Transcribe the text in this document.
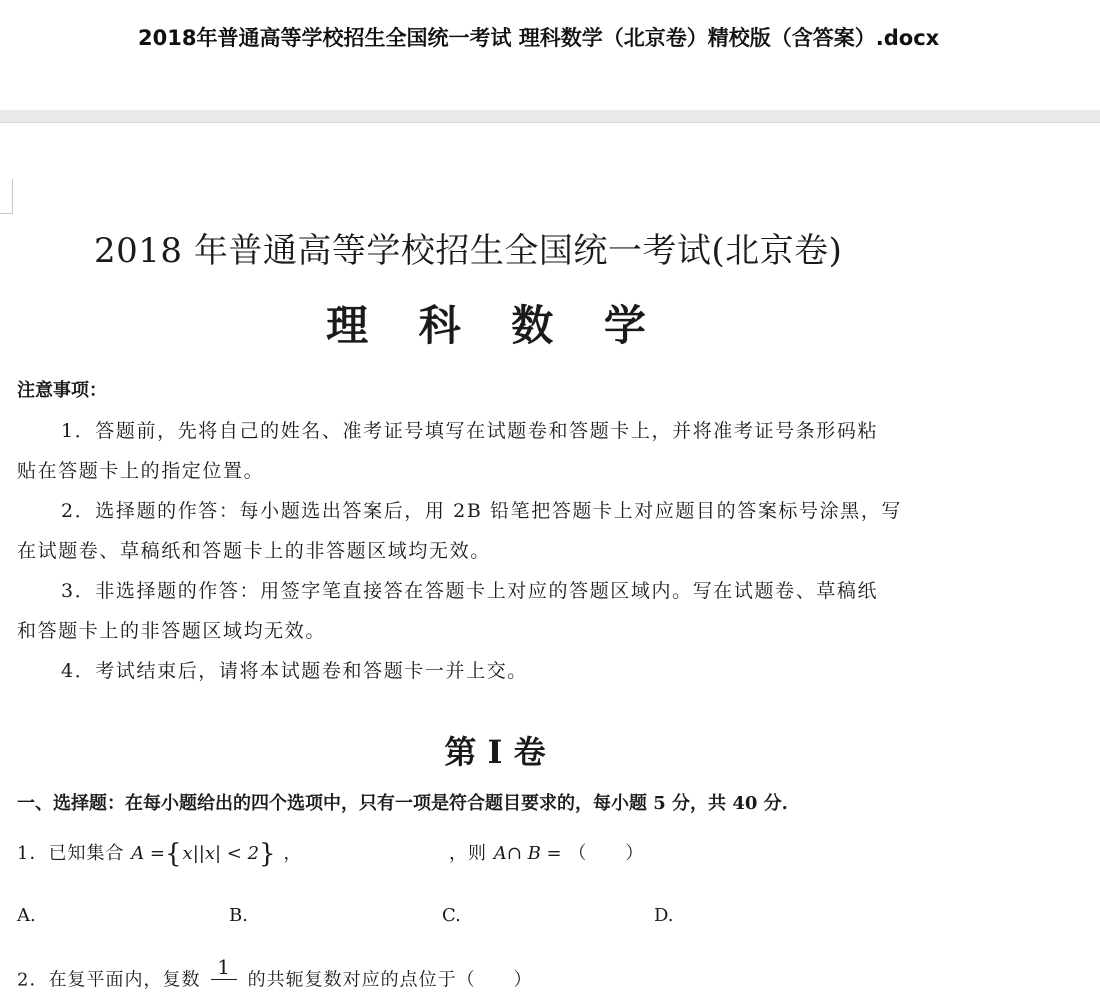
2018年普通高等学校招生全国统一考试 理科数学（北京卷）精校版（含答案）.docx
2018 年普通高等学校招生全国统一考试(北京卷)
理 科 数 学
注意事项：
1．答题前，先将自己的姓名、准考证号填写在试题卷和答题卡上，并将准考证号条形码粘
贴在答题卡上的指定位置。
2．选择题的作答：每小题选出答案后，用 2B 铅笔把答题卡上对应题目的答案标号涂黑，写
在试题卷、草稿纸和答题卡上的非答题区域均无效。
3．非选择题的作答：用签字笔直接答在答题卡上对应的答题区域内。写在试题卷、草稿纸
和答题卡上的非答题区域均无效。
4．考试结束后，请将本试题卷和答题卡一并上交。
第 I 卷
一、选择题：在每小题给出的四个选项中，只有一项是符合题目要求的，每小题 5 分，共 40 分.
1．已知集合 A ={x||x| < 2} ，	，则 A∩ B = （　　）
A.	B.	C.	D.
2．在复平面内，复数
1
的共轭复数对应的点位于（　　）
